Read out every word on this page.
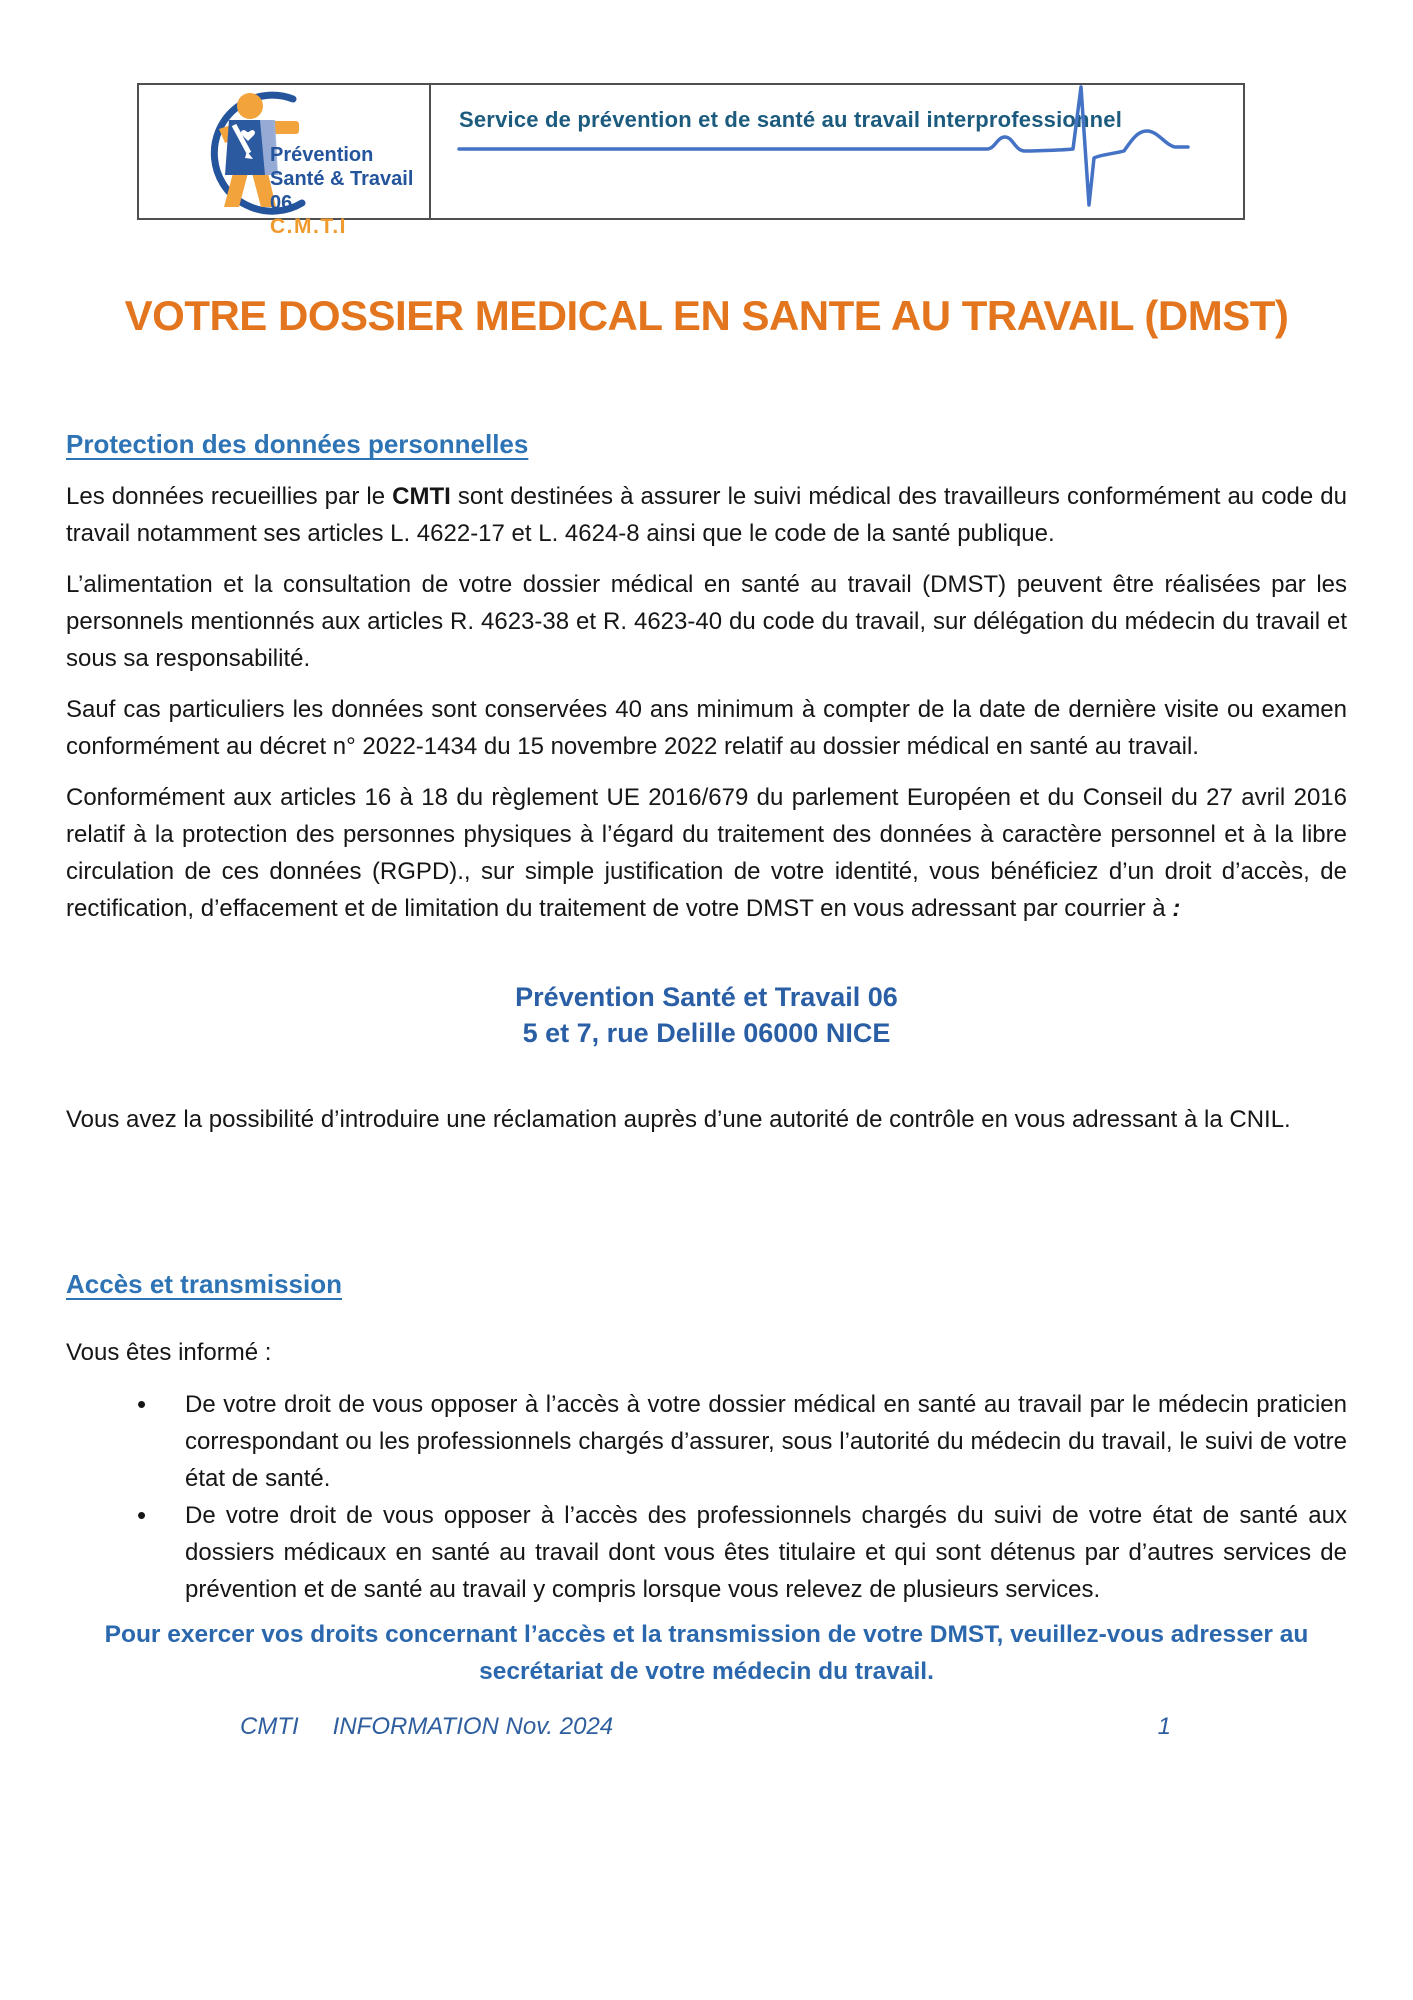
Prévention
Santé & Travail 06
C.M.T.I
Service de prévention et de santé au travail interprofessionnel
VOTRE DOSSIER MEDICAL EN SANTE AU TRAVAIL (DMST)
Protection des données personnelles

Les données recueillies par le CMTI sont destinées à assurer le suivi médical des travailleurs conformément au code du travail notamment ses articles L. 4622-17 et L. 4624-8 ainsi que le code de la santé publique.

L’alimentation et la consultation de votre dossier médical en santé au travail (DMST) peuvent être réalisées par les personnels mentionnés aux articles R. 4623-38 et R. 4623-40 du code du travail, sur délégation du médecin du travail et sous sa responsabilité.

Sauf cas particuliers les données sont conservées 40 ans minimum à compter de la date de dernière visite ou examen conformément au décret n° 2022-1434 du 15 novembre 2022 relatif au dossier médical en santé au travail.

Conformément aux articles 16 à 18 du règlement UE 2016/679 du parlement Européen et du Conseil du 27 avril 2016 relatif à la protection des personnes physiques à l’égard du traitement des données à caractère personnel et à la libre circulation de ces données (RGPD)., sur simple justification de votre identité, vous bénéficiez d’un droit d’accès, de rectification, d’effacement et de limitation du traitement de votre DMST en vous adressant par courrier à :

Prévention Santé et Travail 06
5 et 7, rue Delille 06000 NICE

Vous avez la possibilité d’introduire une réclamation auprès d’une autorité de contrôle en vous adressant à la CNIL.

Accès et transmission

Vous êtes informé :

• De votre droit de vous opposer à l’accès à votre dossier médical en santé au travail par le médecin praticien correspondant ou les professionnels chargés d’assurer, sous l’autorité du médecin du travail, le suivi de votre état de santé.
• De votre droit de vous opposer à l’accès des professionnels chargés du suivi de votre état de santé aux dossiers médicaux en santé au travail dont vous êtes titulaire et qui sont détenus par d’autres services de prévention et de santé au travail y compris lorsque vous relevez de plusieurs services.

Pour exercer vos droits concernant l’accès et la transmission de votre DMST, veuillez-vous adresser au secrétariat de votre médecin du travail.

CMTI INFORMATION Nov. 2024	1
